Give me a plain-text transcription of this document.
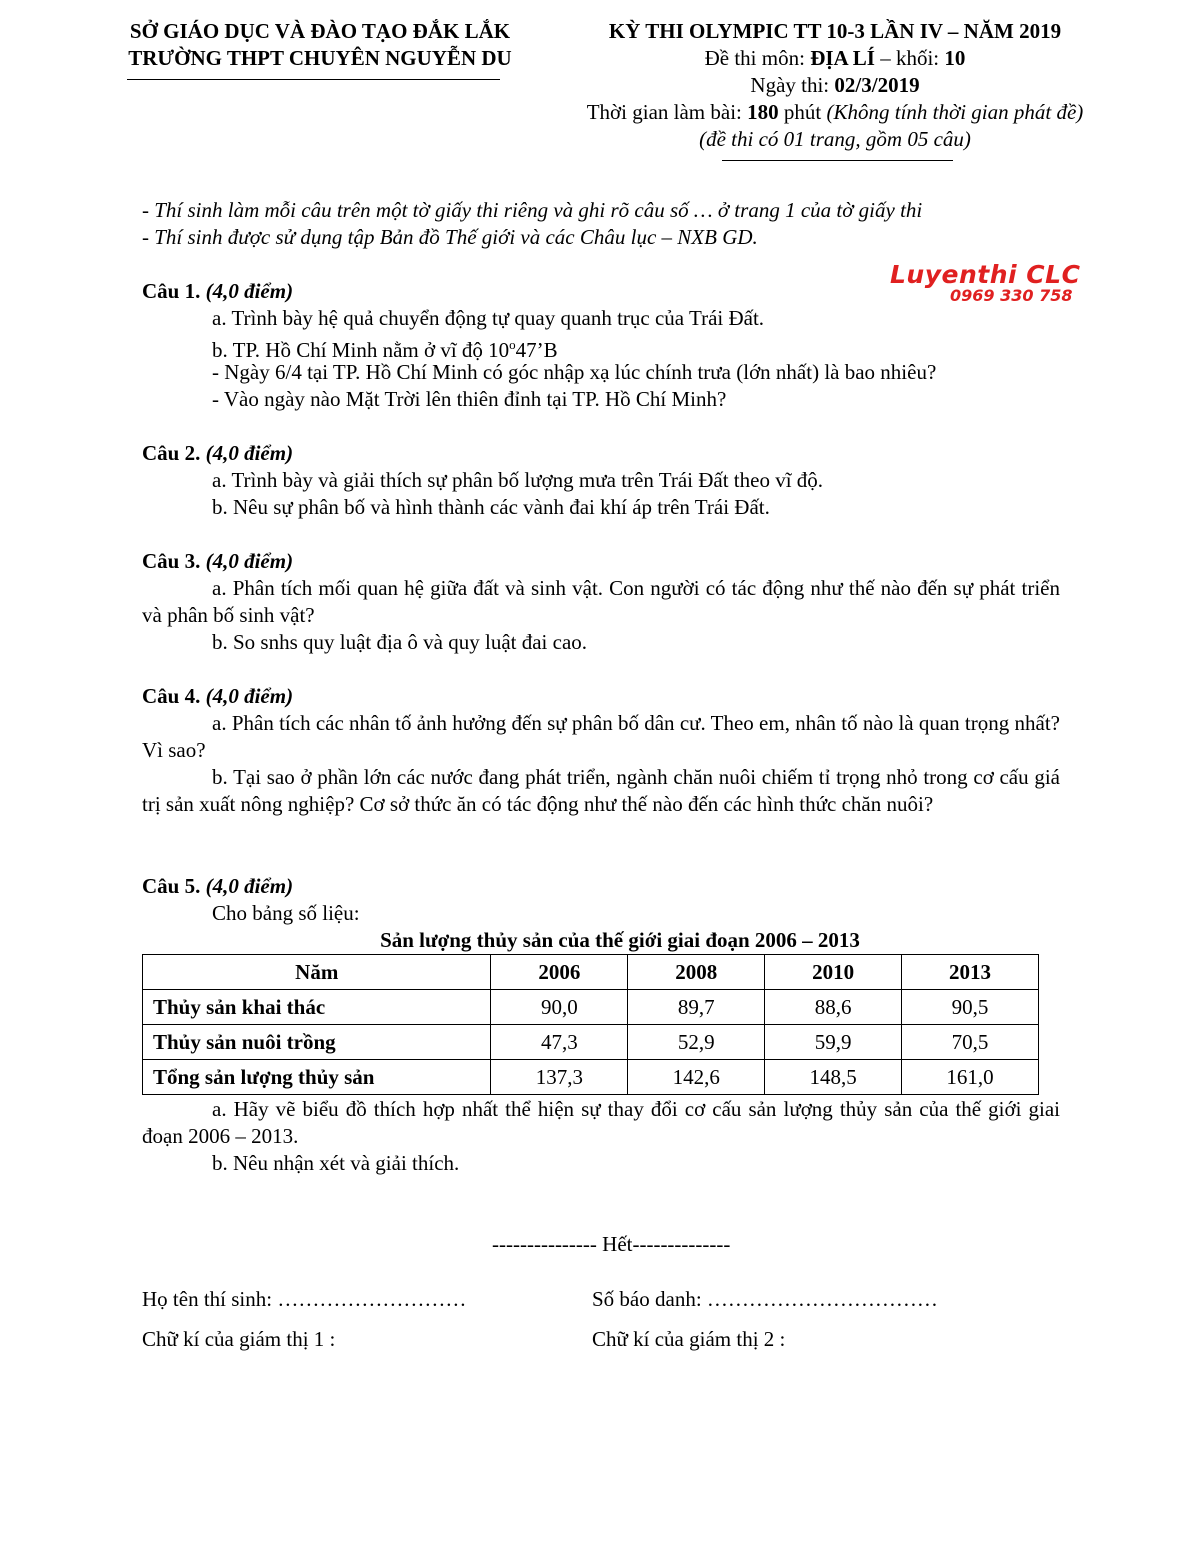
SỞ GIÁO DỤC VÀ ĐÀO TẠO ĐẮK LẮK
TRƯỜNG THPT CHUYÊN NGUYỄN DU
KỲ THI OLYMPIC TT 10-3 LẦN IV – NĂM 2019
Đề thi môn: ĐỊA LÍ – khối: 10
Ngày thi: 02/3/2019
Thời gian làm bài: 180 phút (Không tính thời gian phát đề)
(đề thi có 01 trang, gồm 05 câu)
- Thí sinh làm mỗi câu trên một tờ giấy thi riêng và ghi rõ câu số … ở trang 1 của tờ giấy thi
- Thí sinh được sử dụng tập Bản đồ Thế giới và các Châu lục – NXB GD.
Luyenthi CLC
0969 330 758
Câu 1. (4,0 điểm)
a. Trình bày hệ quả chuyển động tự quay quanh trục của Trái Đất.
b. TP. Hồ Chí Minh nằm ở vĩ độ 10$^o$47’B
- Ngày 6/4 tại TP. Hồ Chí Minh có góc nhập xạ lúc chính trưa (lớn nhất) là bao nhiêu?
- Vào ngày nào Mặt Trời lên thiên đỉnh tại TP. Hồ Chí Minh?
Câu 2. (4,0 điểm)
a. Trình bày và giải thích sự phân bố lượng mưa trên Trái Đất theo vĩ độ.
b. Nêu sự phân bố và hình thành các vành đai khí áp trên Trái Đất.
Câu 3. (4,0 điểm)
a. Phân tích mối quan hệ giữa đất và sinh vật. Con người có tác động như thế nào đến sự phát triển và phân bố sinh vật?
b. So snhs quy luật địa ô và quy luật đai cao.
Câu 4. (4,0 điểm)
a. Phân tích các nhân tố ảnh hưởng đến sự phân bố dân cư. Theo em, nhân tố nào là quan trọng nhất? Vì sao?
b. Tại sao ở phần lớn các nước đang phát triển, ngành chăn nuôi chiếm tỉ trọng nhỏ trong cơ cấu giá trị sản xuất nông nghiệp? Cơ sở thức ăn có tác động như thế nào đến các hình thức chăn nuôi?
Câu 5. (4,0 điểm)
Cho bảng số liệu:
Sản lượng thủy sản của thế giới giai đoạn 2006 – 2013
Năm	2006	2008	2010	2013
Thủy sản khai thác	90,0	89,7	88,6	90,5
Thủy sản nuôi trồng	47,3	52,9	59,9	70,5
Tổng sản lượng thủy sản	137,3	142,6	148,5	161,0
a. Hãy vẽ biểu đồ thích hợp nhất thể hiện sự thay đổi cơ cấu sản lượng thủy sản của thế giới giai đoạn 2006 – 2013.
b. Nêu nhận xét và giải thích.
--------------- Hết--------------
Họ tên thí sinh: ………………………	Số báo danh: ……………………………
Chữ kí của giám thị 1 :	Chữ kí của giám thị 2 :
